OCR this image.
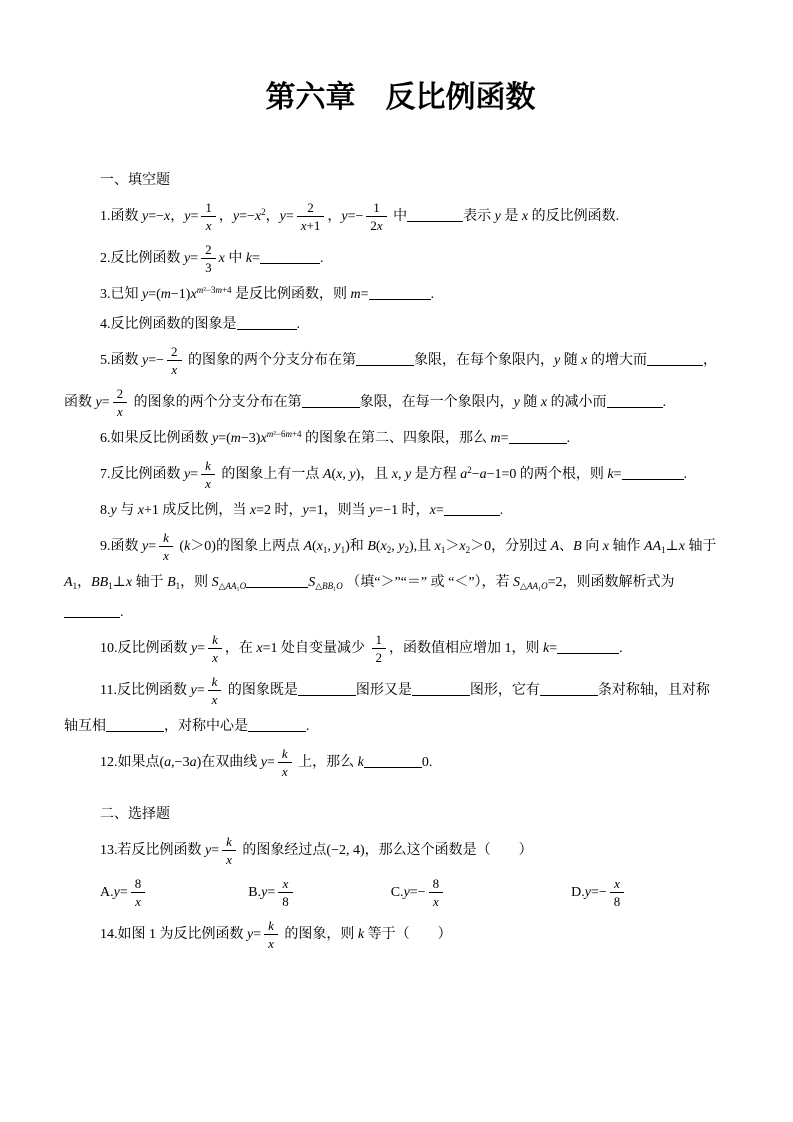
第六章　反比例函数
一、填空题
1.函数 y=−x，$y= \frac{1}{x}$ ，$y=-x^2$，$y= \frac{2}{x+1}$ ，$y=- \frac{1}{2x}$ 中	表示 y 是 x 的反比例函数.
2.反比例函数 $y= \frac{2}{3}$ x 中 k=	.
3.已知 $y=(m-1)x^{m^2-3m+4}$ 是反比例函数，则 m=	.
4.反比例函数的图象是	.
5.函数 $y=- \frac{2}{x}$ 的图象的两个分支分布在第	象限，在每个象限内，y 随 x 的增大而	，
函数 $y= \frac{2}{x}$ 的图象的两个分支分布在第	象限，在每一个象限内，y 随 x 的减小而	.
6.如果反比例函数 $y=(m-3)x^{m^2-6m+4}$ 的图象在第二、四象限，那么 m=	.
7.反比例函数 $y= \frac{k}{x}$ 的图象上有一点 A(x, y)，且 x, y 是方程 $a^2-a-1=0$ 的两个根，则 k=	.
8.y 与 x+1 成反比例，当 x=2 时，y=1，则当 y=−1 时，x=	.
9.函数 $y= \frac{k}{x} (k>0)$的图象上两点 $A(x_1$, $y_1$)和 $B(x_2$, $y_2$),且 $x_1>x_2>0$，分别过 A、B 向 x 轴作 $AA_1\perp x$ 轴于
$A_1$，$BB_1\perp x$ 轴于 $B_1$，则 $S_{\triangle AA_1O}$	$S_{\triangle BB_1O}$ （填“＞”“＝” 或 “＜”），若 $S_{\triangle AA_1O}=2$，则函数解析式为
.
10.反比例函数 $y= \frac{k}{x}$ ，在 x=1 处自变量减少 $\frac{1}{2}$ ，函数值相应增加 1，则 k=	.
11.反比例函数 $y= \frac{k}{x}$ 的图象既是	图形又是	图形，它有	条对称轴，且对称
轴互相	，对称中心是	.
12.如果点(a,−3a)在双曲线 $y= \frac{k}{x}$ 上，那么 k	0.
二、选择题
13.若反比例函数 $y= \frac{k}{x}$ 的图象经过点(−2, 4)，那么这个函数是（　　）
$A.y= \frac{8}{x}$	$B.y= \frac{x}{8}$	$C.y=- \frac{8}{x}$	$D.y=- \frac{x}{8}$
14.如图 1 为反比例函数 $y= \frac{k}{x}$ 的图象，则 k 等于（　　）
